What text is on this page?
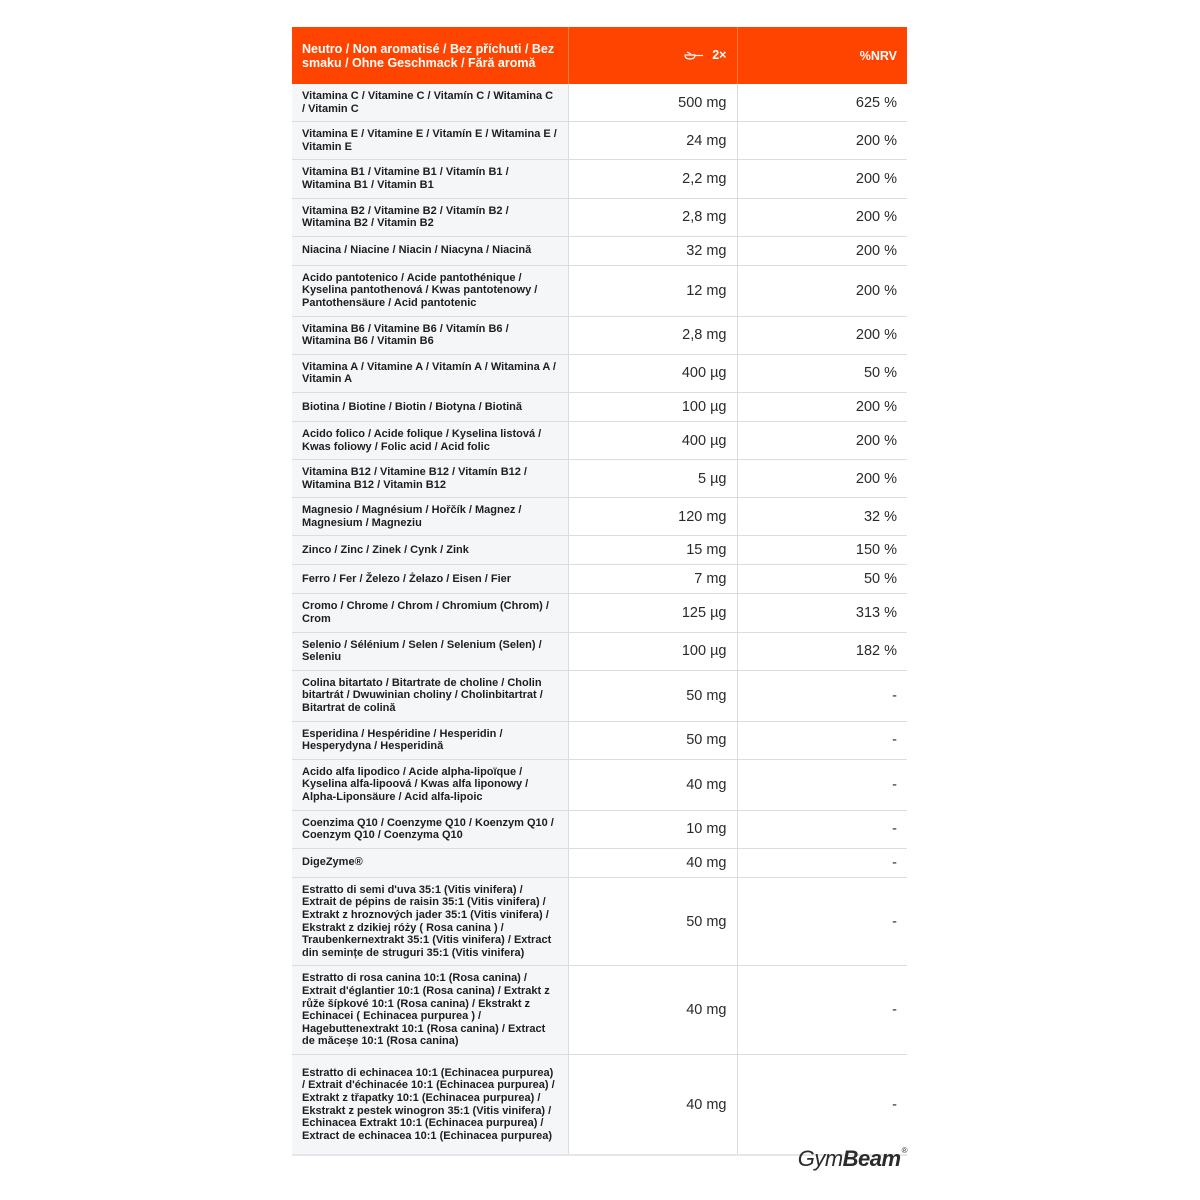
Neutro / Non aromatisé / Bez příchuti / Bez smaku / Ohne Geschmack / Fără aromă	2×	%NRV
Vitamina C / Vitamine C / Vitamín C / Witamina C / Vitamin C	500 mg	625 %
Vitamina E / Vitamine E / Vitamín E / Witamina E / Vitamin E	24 mg	200 %
Vitamina B1 / Vitamine B1 / Vitamín B1 / Witamina B1 / Vitamin B1	2,2 mg	200 %
Vitamina B2 / Vitamine B2 / Vitamín B2 / Witamina B2 / Vitamin B2	2,8 mg	200 %
Niacina / Niacine / Niacin / Niacyna / Niacină	32 mg	200 %
Acido pantotenico / Acide pantothénique / Kyselina pantothenová / Kwas pantotenowy / Pantothensäure / Acid pantotenic	12 mg	200 %
Vitamina B6 / Vitamine B6 / Vitamín B6 / Witamina B6 / Vitamin B6	2,8 mg	200 %
Vitamina A / Vitamine A / Vitamín A / Witamina A / Vitamin A	400 µg	50 %
Biotina / Biotine / Biotin / Biotyna / Biotină	100 µg	200 %
Acido folico / Acide folique / Kyselina listová / Kwas foliowy / Folic acid / Acid folic	400 µg	200 %
Vitamina B12 / Vitamine B12 / Vitamín B12 / Witamina B12 / Vitamin B12	5 µg	200 %
Magnesio / Magnésium / Hořčík / Magnez / Magnesium / Magneziu	120 mg	32 %
Zinco / Zinc / Zinek / Cynk / Zink	15 mg	150 %
Ferro / Fer / Železo / Żelazo / Eisen / Fier	7 mg	50 %
Cromo / Chrome / Chrom / Chromium (Chrom) / Crom	125 µg	313 %
Selenio / Sélénium / Selen / Selenium (Selen) / Seleniu	100 µg	182 %
Colina bitartato / Bitartrate de choline / Cholin bitartrát / Dwuwinian choliny / Cholinbitartrat / Bitartrat de colină	50 mg	-
Esperidina / Hespéridine / Hesperidin / Hesperydyna / Hesperidină	50 mg	-
Acido alfa lipodico / Acide alpha-lipoïque / Kyselina alfa-lipoová / Kwas alfa liponowy / Alpha-Liponsäure / Acid alfa-lipoic	40 mg	-
Coenzima Q10 / Coenzyme Q10 / Koenzym Q10 / Coenzym Q10 / Coenzyma Q10	10 mg	-
DigeZyme®	40 mg	-
Estratto di semi d'uva 35:1 (Vitis vinifera) / Extrait de pépins de raisin 35:1 (Vitis vinifera) / Extrakt z hroznových jader 35:1 (Vitis vinifera) / Ekstrakt z dzikiej róży ( Rosa canina ) / Traubenkernextrakt 35:1 (Vitis vinifera) / Extract din semințe de struguri 35:1 (Vitis vinifera)	50 mg	-
Estratto di rosa canina 10:1 (Rosa canina) / Extrait d'églantier 10:1 (Rosa canina) / Extrakt z růže šípkové 10:1 (Rosa canina) / Ekstrakt z Echinacei ( Echinacea purpurea ) / Hagebuttenextrakt 10:1 (Rosa canina) / Extract de măceșe 10:1 (Rosa canina)	40 mg	-
Estratto di echinacea 10:1 (Echinacea purpurea) / Extrait d'échinacée 10:1 (Echinacea purpurea) / Extrakt z třapatky 10:1 (Echinacea purpurea) / Ekstrakt z pestek winogron 35:1 (Vitis vinifera) / Echinacea Extrakt 10:1 (Echinacea purpurea) / Extract de echinacea 10:1 (Echinacea purpurea)	40 mg	-
GymBeam®
